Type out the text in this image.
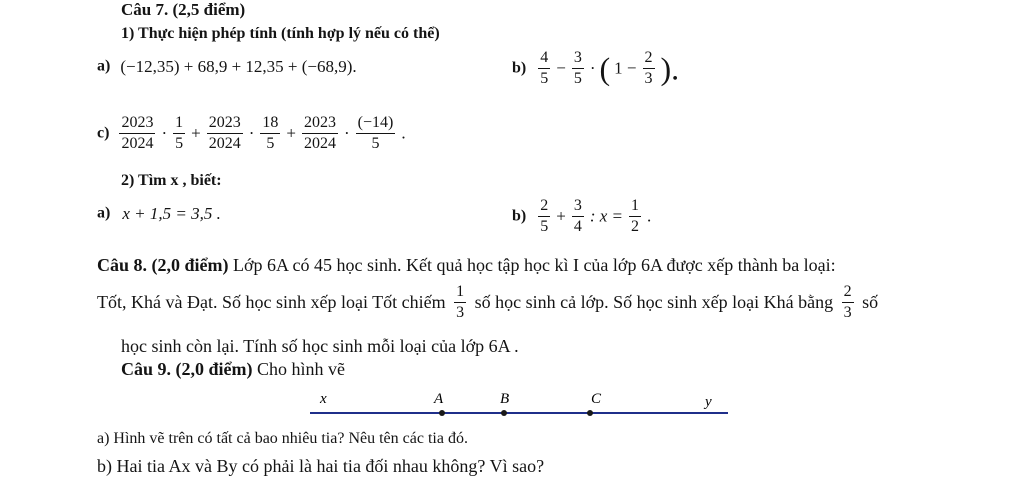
Câu 7. (2,5 điểm)
1) Thực hiện phép tính (tính hợp lý nếu có thể)
a) (−12,35) + 68,9 + 12,35 + (−68,9).	$b) \frac{4}{5} - \frac{3}{5}$ · ( $1 - \frac{2}{3}$ ).
$c) \frac{2023}{2024} \cdot \frac{1}{5} + \frac{2023}{2024} \cdot \frac{18}{5} + \frac{2023}{2024} \cdot \frac{(-14)}{5}$ .
2) Tìm x , biết:
a) x + 1,5 = 3,5 .	$b) \frac{2}{5} + \frac{3}{4}$ : $x = \frac{1}{2}$ .
Câu 8. (2,0 điểm) Lớp 6A có 45 học sinh. Kết quả học tập học kì I của lớp 6A được xếp thành ba loại:
Tốt, Khá và Đạt. Số học sinh xếp loại Tốt chiếm $\frac{1}{3}$ số học sinh cả lớp. Số học sinh xếp loại Khá bằng $\frac{2}{3}$ số
học sinh còn lại. Tính số học sinh mỗi loại của lớp 6A .
Câu 9. (2,0 điểm) Cho hình vẽ
x	A	B	C	y
a) Hình vẽ trên có tất cả bao nhiêu tia? Nêu tên các tia đó.
b) Hai tia Ax và By có phải là hai tia đối nhau không? Vì sao?
